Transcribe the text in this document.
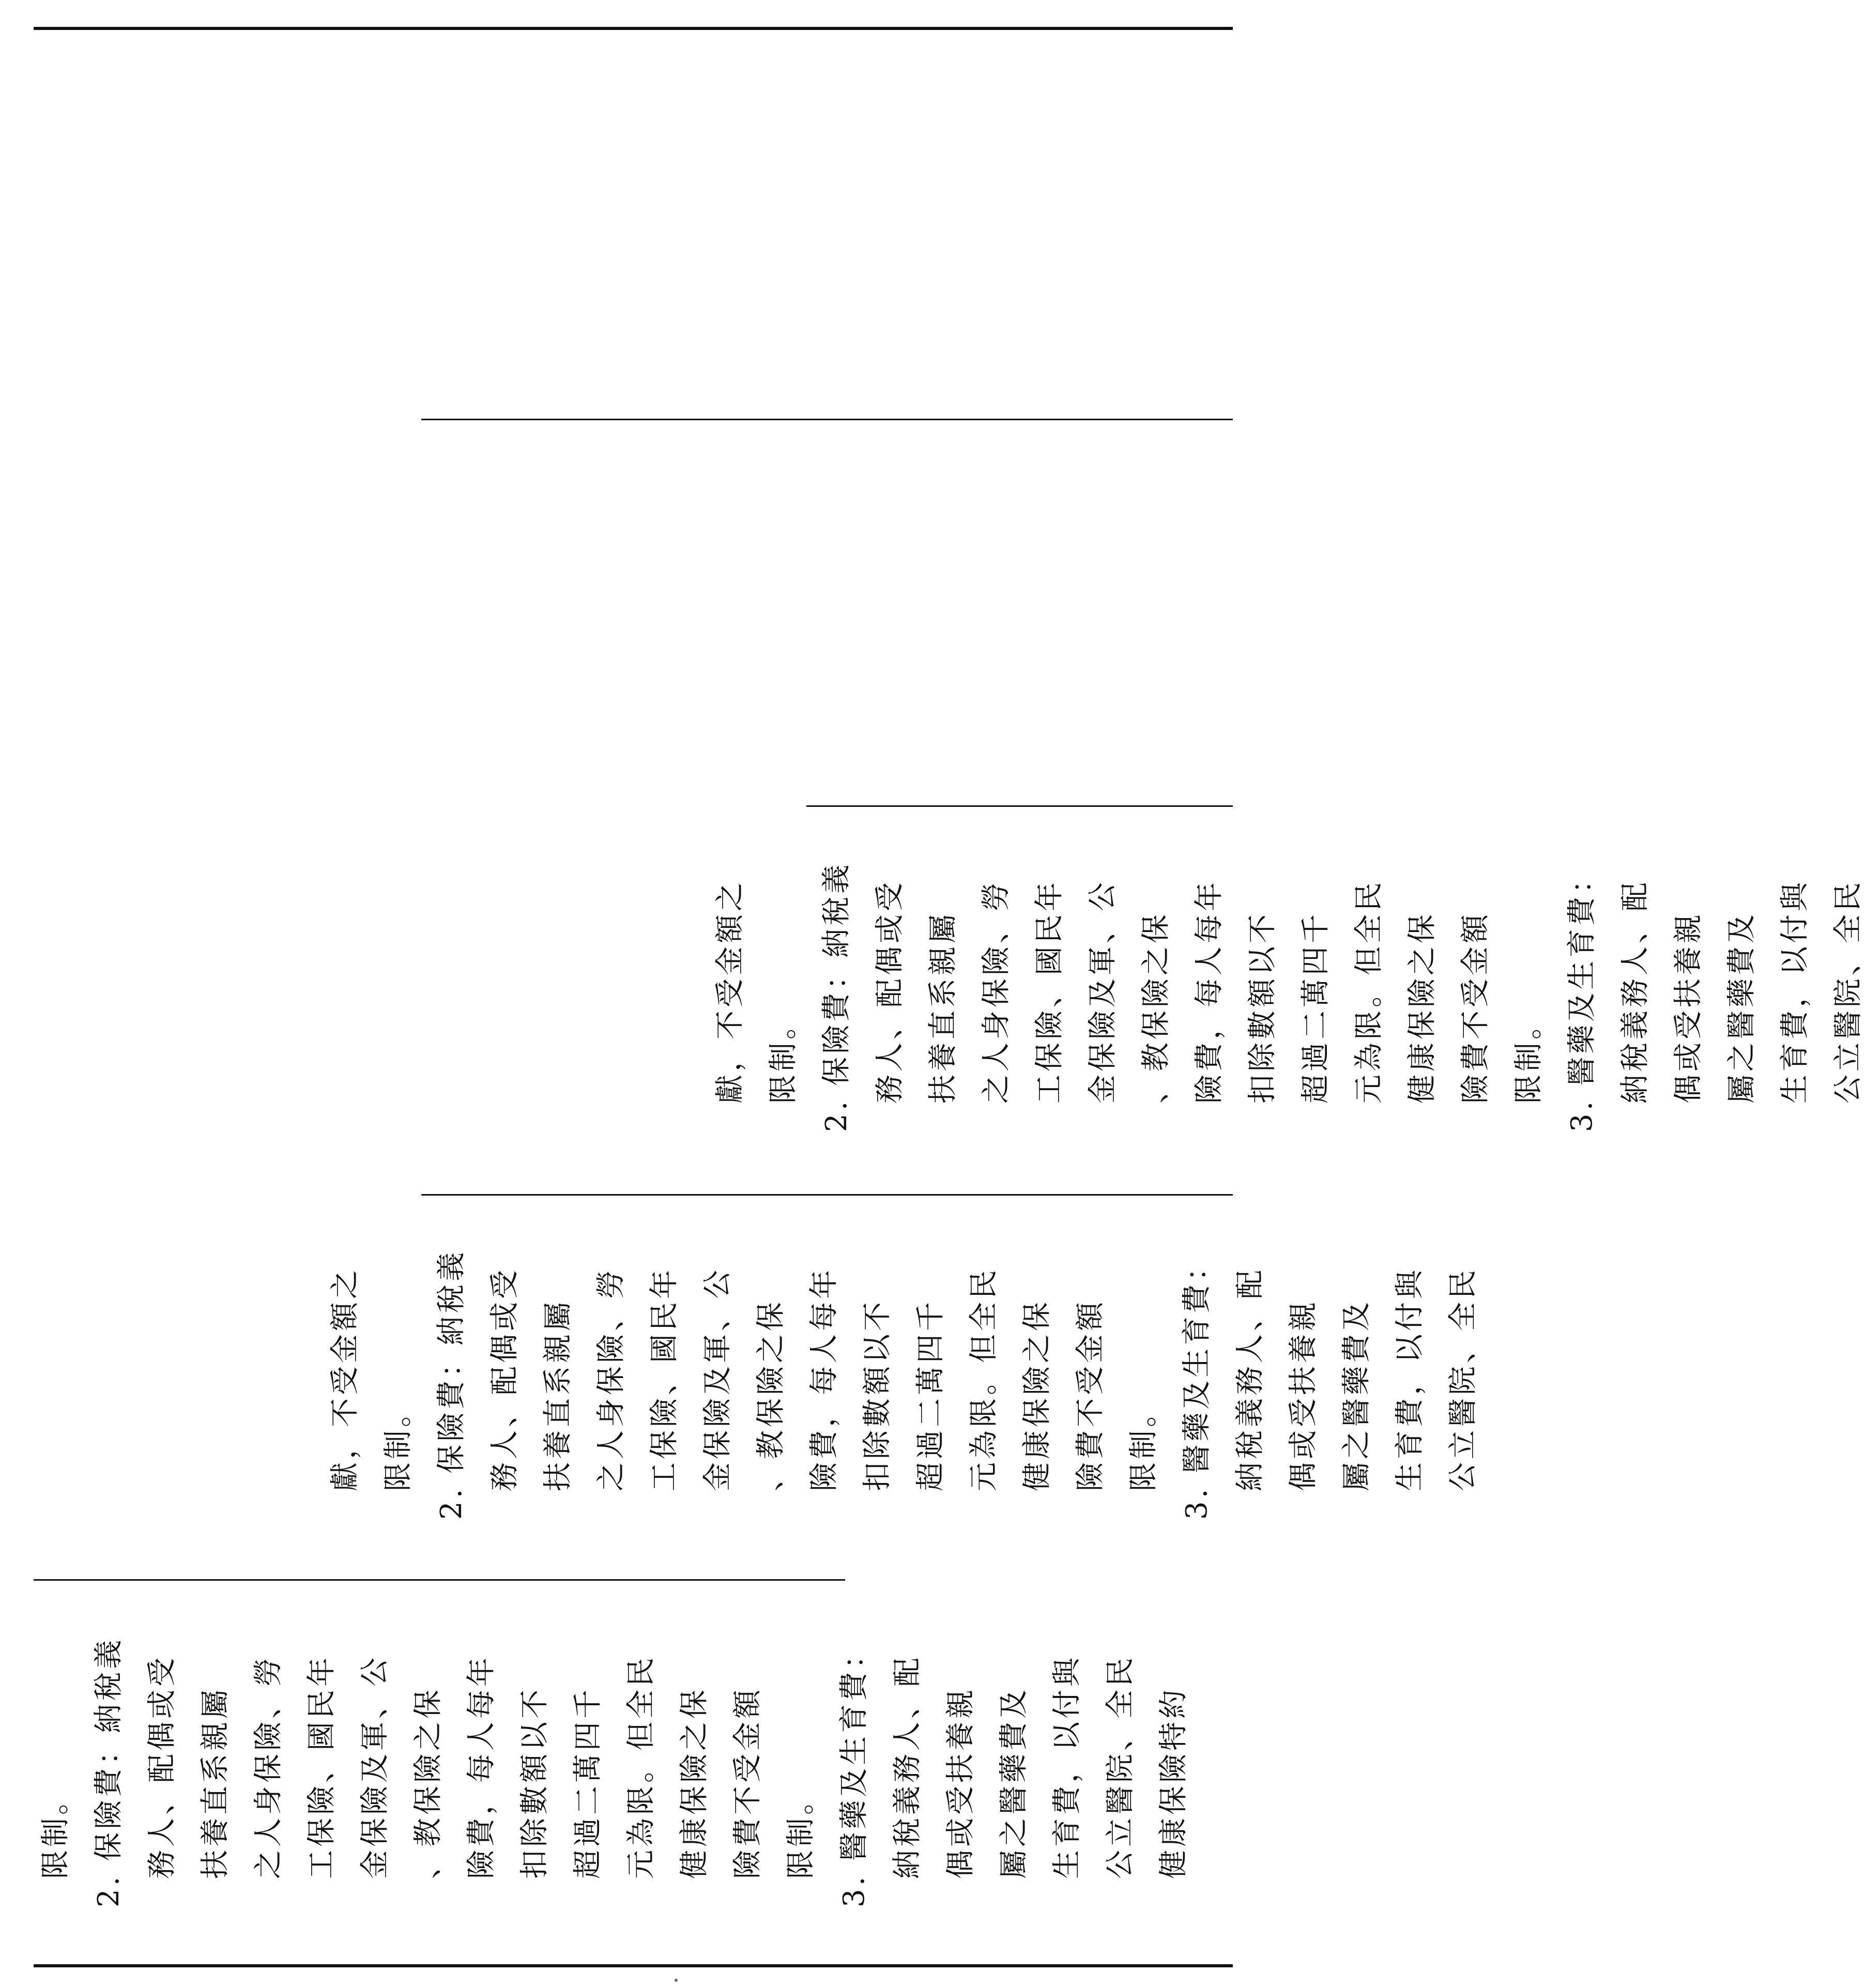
限制。 2. 保險費：納稅義 務人、配偶或受 扶養直系親屬 之人身保險、勞 工保險、國民年 金保險及軍、公 、教保險之保 險費，每人每年 扣除數額以不 超過二萬四千 元為限。但全民 健康保險之保 險費不受金額 限制。 3. 醫藥及生育費： 納稅義務人、配 偶或受扶養親 屬之醫藥費及 生育費，以付與 公立醫院、全民 健康保險特約
獻，不受金額之 限制。 2. 保險費：納稅義 務人、配偶或受 扶養直系親屬 之人身保險、勞 工保險、國民年 金保險及軍、公 、教保險之保 險費，每人每年 扣除數額以不 超過二萬四千 元為限。但全民 健康保險之保 險費不受金額 限制。 3. 醫藥及生育費： 納稅義務人、配 偶或受扶養親 屬之醫藥費及 生育費，以付與 公立醫院、全民
獻，不受金額之 限制。 2. 保險費：納稅義 務人、配偶或受 扶養直系親屬 之人身保險、勞 工保險、國民年 金保險及軍、公 、教保險之保 險費，每人每年 扣除數額以不 超過二萬四千 元為限。但全民 健康保險之保 險費不受金額 限制。 3. 醫藥及生育費： 納稅義務人、配 偶或受扶養親 屬之醫藥費及 生育費，以付與 公立醫院、全民
